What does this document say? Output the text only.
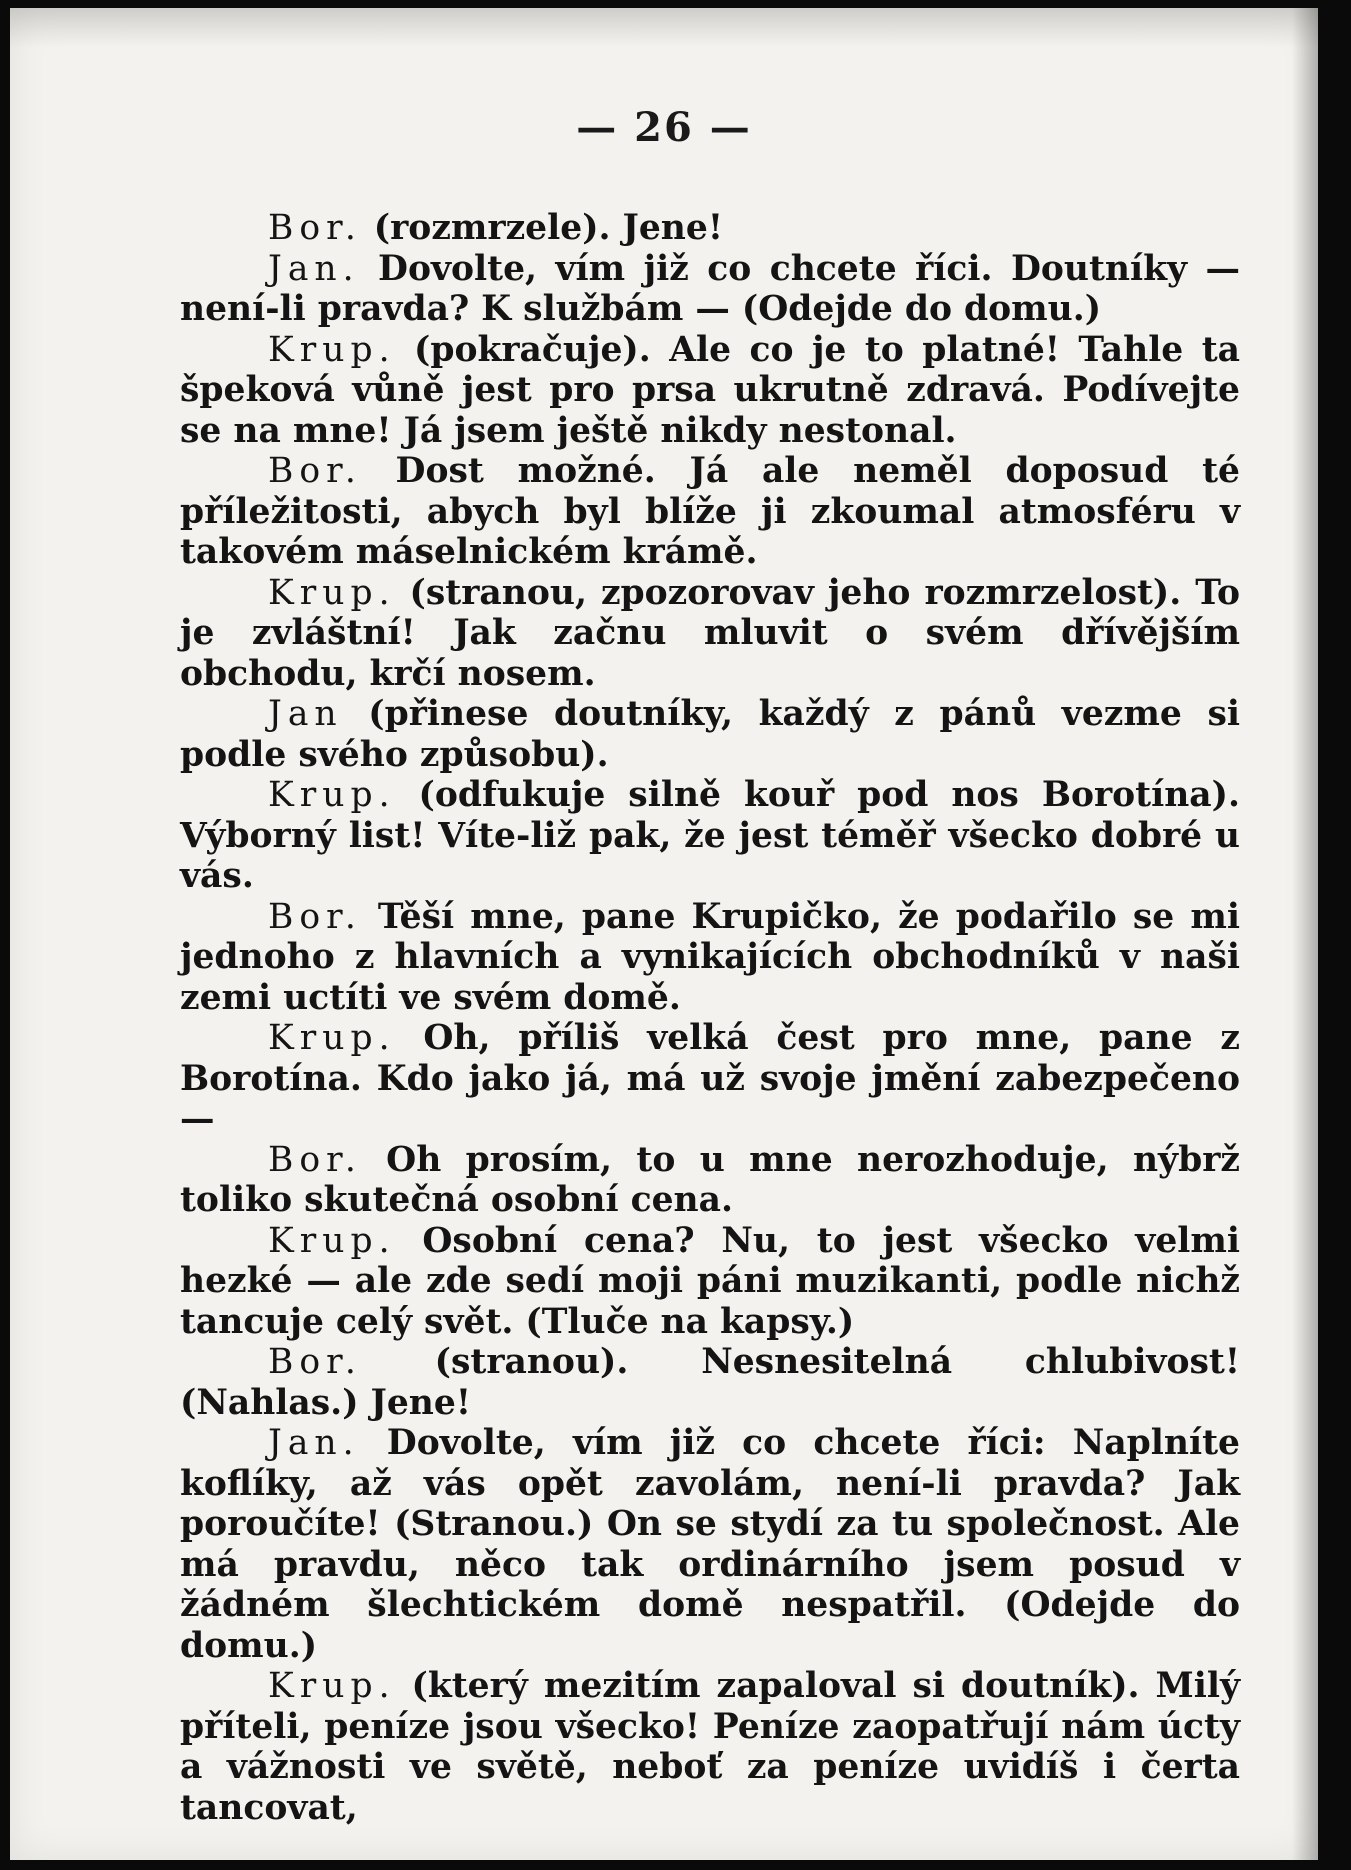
— 26 —

Bor. (rozmrzele). Jene!

Jan. Dovolte, vím již co chcete říci. Doutníky — není-li pravda? K službám — (Odejde do domu.)

Krup. (pokračuje). Ale co je to platné! Tahle ta špeková vůně jest pro prsa ukrutně zdravá. Podívejte se na mne! Já jsem ještě nikdy nestonal.

Bor. Dost možné. Já ale neměl doposud té příležitosti, abych byl blíže ji zkoumal atmosféru v takovém máselnickém krámě.

Krup. (stranou, zpozorovav jeho rozmrzelost). To je zvláštní! Jak začnu mluvit o svém dřívějším obchodu, krčí nosem.

Jan (přinese doutníky, každý z pánů vezme si podle svého způsobu).

Krup. (odfukuje silně kouř pod nos Borotína). Výborný list! Víte-liž pak, že jest téměř všecko dobré u vás.

Bor. Těší mne, pane Krupičko, že podařilo se mi jednoho z hlavních a vynikajících obchodníků v naši zemi uctíti ve svém domě.

Krup. Oh, příliš velká čest pro mne, pane z Borotína. Kdo jako já, má už svoje jmění zabezpečeno —

Bor. Oh prosím, to u mne nerozhoduje, nýbrž toliko skutečná osobní cena.

Krup. Osobní cena? Nu, to jest všecko velmi hezké — ale zde sedí moji páni muzikanti, podle nichž tancuje celý svět. (Tluče na kapsy.)

Bor. (stranou). Nesnesitelná chlubivost! (Nahlas.) Jene!

Jan. Dovolte, vím již co chcete říci: Naplníte koflíky, až vás opět zavolám, není-li pravda? Jak poroučíte! (Stranou.) On se stydí za tu společnost. Ale má pravdu, něco tak ordinárního jsem posud v žádném šlechtickém domě nespatřil. (Odejde do domu.)

Krup. (který mezitím zapaloval si doutník). Milý příteli, peníze jsou všecko! Peníze zaopatřují nám úcty a vážnosti ve světě, neboť za peníze uvidíš i čerta tancovat,
